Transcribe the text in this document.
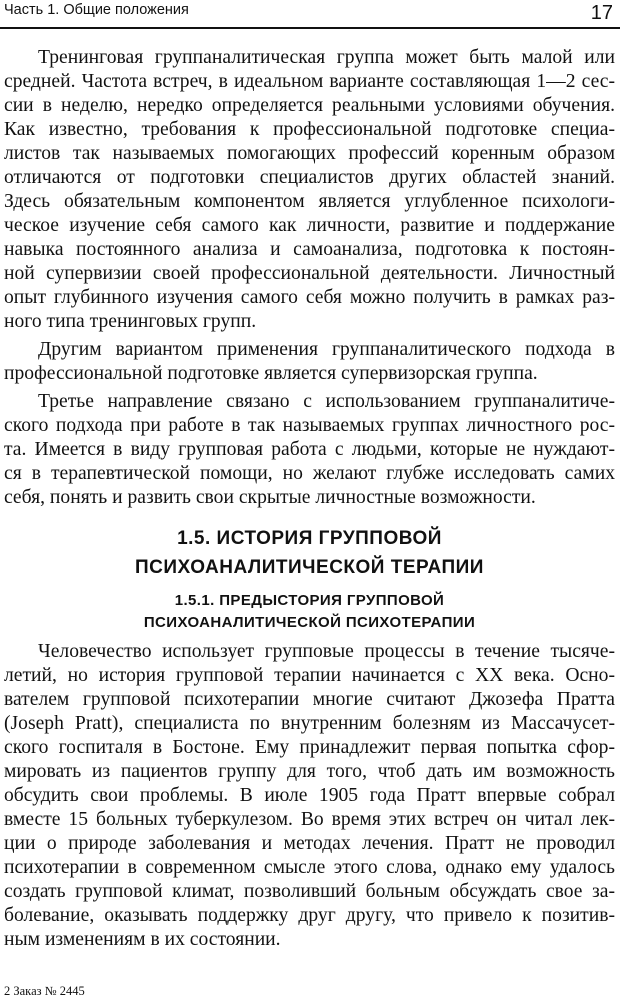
Часть 1. Общие положения	17
Тренинговая группаналитическая группа может быть малой или
средней. Частота встреч, в идеальном варианте составляющая 1—2 сес-
сии в неделю, нередко определяется реальными условиями обучения.
Как известно, требования к профессиональной подготовке специа-
листов так называемых помогающих профессий коренным образом
отличаются от подготовки специалистов других областей знаний.
Здесь обязательным компонентом является углубленное психологи-
ческое изучение себя самого как личности, развитие и поддержание
навыка постоянного анализа и самоанализа, подготовка к постоян-
ной супервизии своей профессиональной деятельности. Личностный
опыт глубинного изучения самого себя можно получить в рамках раз-
ного типа тренинговых групп.
Другим вариантом применения группаналитического подхода в
профессиональной подготовке является супервизорская группа.
Третье направление связано с использованием группаналитиче-
ского подхода при работе в так называемых группах личностного рос-
та. Имеется в виду групповая работа с людьми, которые не нуждают-
ся в терапевтической помощи, но желают глубже исследовать самих
себя, понять и развить свои скрытые личностные возможности.
1.5. ИСТОРИЯ ГРУППОВОЙ
ПСИХОАНАЛИТИЧЕСКОЙ ТЕРАПИИ
1.5.1. ПРЕДЫСТОРИЯ ГРУППОВОЙ
ПСИХОАНАЛИТИЧЕСКОЙ ПСИХОТЕРАПИИ
Человечество использует групповые процессы в течение тысяче-
летий, но история групповой терапии начинается с XX века. Осно-
вателем групповой психотерапии многие считают Джозефа Пратта
(Joseph Pratt), специалиста по внутренним болезням из Массачусет-
ского госпиталя в Бостоне. Ему принадлежит первая попытка сфор-
мировать из пациентов группу для того, чтоб дать им возможность
обсудить свои проблемы. В июле 1905 года Пратт впервые собрал
вместе 15 больных туберкулезом. Во время этих встреч он читал лек-
ции о природе заболевания и методах лечения. Пратт не проводил
психотерапии в современном смысле этого слова, однако ему удалось
создать групповой климат, позволивший больным обсуждать свое за-
болевание, оказывать поддержку друг другу, что привело к позитив-
ным изменениям в их состоянии.
2 Заказ № 2445
